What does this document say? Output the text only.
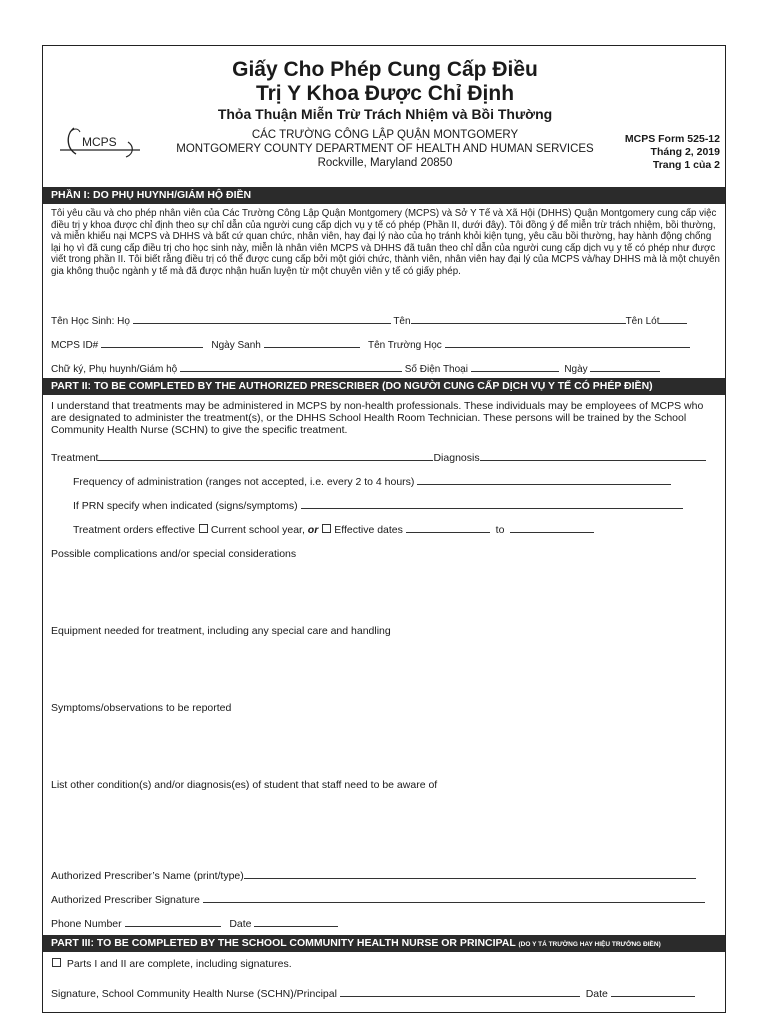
Giấy Cho Phép Cung Cấp Điều
Trị Y Khoa Được Chỉ Định
Thỏa Thuận Miễn Trừ Trách Nhiệm và Bồi Thường
MCPS	CÁC TRƯỜNG CÔNG LẬP QUẬN MONTGOMERY
MONTGOMERY COUNTY DEPARTMENT OF HEALTH AND HUMAN SERVICES
Rockville, Maryland 20850
MCPS Form 525-12
Tháng 2, 2019
Trang 1 của 2
PHẦN I: DO PHỤ HUYNH/GIÁM HỘ ĐIỀN
Tôi yêu cầu và cho phép nhân viên của Các Trường Công Lập Quận Montgomery (MCPS) và Sở Y Tế và Xã Hội (DHHS) Quận Montgomery cung cấp việc điều trị y khoa được chỉ định theo sự chỉ dẫn của người cung cấp dịch vụ y tế có phép (Phần II, dưới đây). Tôi đồng ý để miễn trừ trách nhiệm, bồi thường, và miễn khiếu nại MCPS và DHHS và bất cứ quan chức, nhân viên, hay đại lý nào của họ tránh khỏi kiện tụng, yêu cầu bồi thường, hay hành động chống lại họ vì đã cung cấp điều trị cho học sinh này, miễn là nhân viên MCPS và DHHS đã tuân theo chỉ dẫn của người cung cấp dịch vụ y tế có phép như được viết trong phần II. Tôi biết rằng điều trị có thể được cung cấp bởi một giới chức, thành viên, nhân viên hay đại lý của MCPS và/hay DHHS mà là một chuyên gia không thuộc ngành y tế mà đã được nhận huấn luyện từ một chuyên viên y tế có giấy phép.
Tên Học Sinh: Họ	Tên	Tên Lót
MCPS ID#	Ngày Sanh	Tên Trường Học
Chữ ký, Phụ huynh/Giám hộ	Số Điện Thoại	Ngày
PART II: TO BE COMPLETED BY THE AUTHORIZED PRESCRIBER (DO NGƯỜI CUNG CẤP DỊCH VỤ Y TẾ CÓ PHÉP ĐIỀN)
I understand that treatments may be administered in MCPS by non-health professionals. These individuals may be employees of MCPS who are designated to administer the treatment(s), or the DHHS School Health Room Technician. These persons will be trained by the School Community Health Nurse (SCHN) to give the specific treatment.
Treatment	Diagnosis
Frequency of administration (ranges not accepted, i.e. every 2 to 4 hours)
If PRN specify when indicated (signs/symptoms)
Treatment orders effective Current school year, or Effective dates	to
Possible complications and/or special considerations
Equipment needed for treatment, including any special care and handling
Symptoms/observations to be reported
List other condition(s) and/or diagnosis(es) of student that staff need to be aware of
Authorized Prescriber’s Name (print/type)
Authorized Prescriber Signature
Phone Number	Date
PART III: TO BE COMPLETED BY THE SCHOOL COMMUNITY HEALTH NURSE OR PRINCIPAL (DO Y TÁ TRƯỜNG HAY HIỆU TRƯỞNG ĐIỀN)
Parts I and II are complete, including signatures.
Signature, School Community Health Nurse (SCHN)/Principal	Date
